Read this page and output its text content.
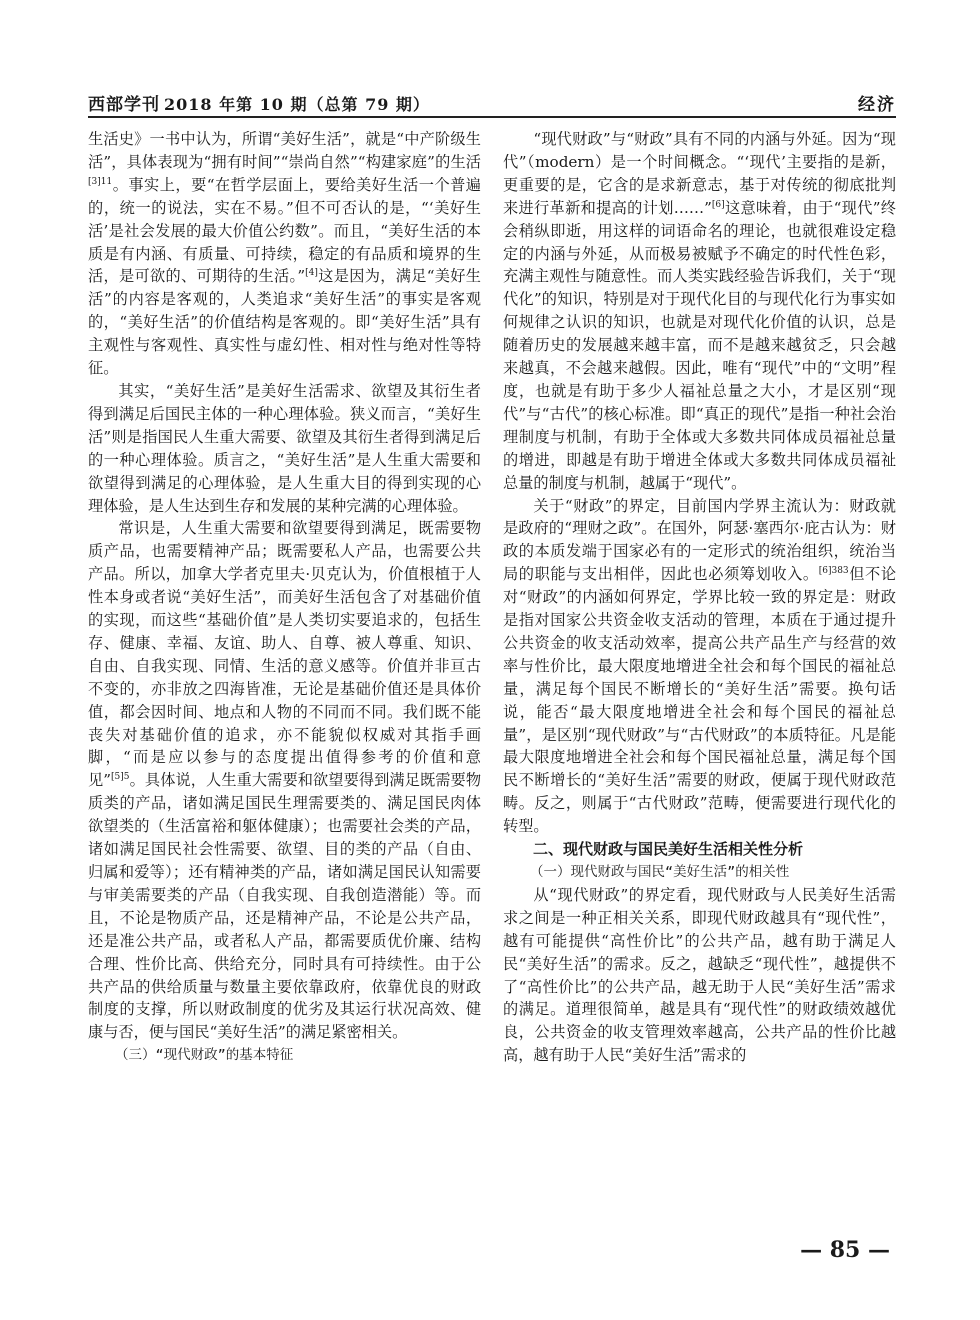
西部学刊 2018 年第 10 期（总第 79 期）	经济

生活史》一书中认为，所谓“美好生活”，就是“中产阶级生活”，具体表现为“拥有时间”“崇尚自然”“构建家庭”的生活$^{[3]11}$。事实上，要“在哲学层面上，要给美好生活一个普遍的，统一的说法，实在不易。”但不可否认的是，“‘美好生活’是社会发展的最大价值公约数”。而且，“美好生活的本质是有内涵、有质量、可持续，稳定的有品质和境界的生活，是可欲的、可期待的生活。”[4]这是因为，满足“美好生活”的内容是客观的，人类追求“美好生活”的事实是客观的，“美好生活”的价值结构是客观的。即“美好生活”具有主观性与客观性、真实性与虚幻性、相对性与绝对性等特征。

其实，“美好生活”是美好生活需求、欲望及其衍生者得到满足后国民主体的一种心理体验。狭义而言，“美好生活”则是指国民人生重大需要、欲望及其衍生者得到满足后的一种心理体验。质言之，“美好生活”是人生重大需要和欲望得到满足的心理体验，是人生重大目的得到实现的心理体验，是人生达到生存和发展的某种完满的心理体验。

常识是，人生重大需要和欲望要得到满足，既需要物质产品，也需要精神产品；既需要私人产品，也需要公共产品。所以，加拿大学者克里夫·贝克认为，价值根植于人性本身或者说“美好生活”，而美好生活包含了对基础价值的实现，而这些“基础价值”是人类切实要追求的，包括生存、健康、幸福、友谊、助人、自尊、被人尊重、知识、自由、自我实现、同情、生活的意义感等。价值并非亘古不变的，亦非放之四海皆准，无论是基础价值还是具体价值，都会因时间、地点和人物的不同而不同。我们既不能丧失对基础价值的追求，亦不能貌似权威对其指手画脚，“而是应以参与的态度提出值得参考的价值和意见”$^{[5]5}$。具体说，人生重大需要和欲望要得到满足既需要物质类的产品，诸如满足国民生理需要类的、满足国民肉体欲望类的（生活富裕和躯体健康）；也需要社会类的产品，诸如满足国民社会性需要、欲望、目的类的产品（自由、归属和爱等）；还有精神类的产品，诸如满足国民认知需要与审美需要类的产品（自我实现、自我创造潜能）等。而且，不论是物质产品，还是精神产品，不论是公共产品，还是准公共产品，或者私人产品，都需要质优价廉、结构合理、性价比高、供给充分，同时具有可持续性。由于公共产品的供给质量与数量主要依靠政府，依靠优良的财政制度的支撑，所以财政制度的优劣及其运行状况高效、健康与否，便与国民“美好生活”的满足紧密相关。

（三）“现代财政”的基本特征

“现代财政”与“财政”具有不同的内涵与外延。因为“现代”（modern）是一个时间概念。“‘现代’主要指的是新，更重要的是，它含的是求新意志，基于对传统的彻底批判来进行革新和提高的计划……”[6]这意味着，由于“现代”终会稍纵即逝，用这样的词语命名的理论，也就很难设定稳定的内涵与外延，从而极易被赋予不确定的时代性色彩，充满主观性与随意性。而人类实践经验告诉我们，关于“现代化”的知识，特别是对于现代化目的与现代化行为事实如何规律之认识的知识，也就是对现代化价值的认识，总是随着历史的发展越来越丰富，而不是越来越贫乏，只会越来越真，不会越来越假。因此，唯有“现代”中的“文明”程度，也就是有助于多少人福祉总量之大小，才是区别“现代”与“古代”的核心标准。即“真正的现代”是指一种社会治理制度与机制，有助于全体或大多数共同体成员福祉总量的增进，即越是有助于增进全体或大多数共同体成员福祉总量的制度与机制，越属于“现代”。

关于“财政”的界定，目前国内学界主流认为：财政就是政府的“理财之政”。在国外，阿瑟·塞西尔·庇古认为：财政的本质发端于国家必有的一定形式的统治组织，统治当局的职能与支出相伴，因此也必须筹划收入。$^{[6]383}$但不论对“财政”的内涵如何界定，学界比较一致的界定是：财政是指对国家公共资金收支活动的管理，本质在于通过提升公共资金的收支活动效率，提高公共产品生产与经营的效率与性价比，最大限度地增进全社会和每个国民的福祉总量，满足每个国民不断增长的“美好生活”需要。换句话说，能否“最大限度地增进全社会和每个国民的福祉总量”，是区别“现代财政”与“古代财政”的本质特征。凡是能最大限度地增进全社会和每个国民福祉总量，满足每个国民不断增长的“美好生活”需要的财政，便属于现代财政范畴。反之，则属于“古代财政”范畴，便需要进行现代化的转型。

二、现代财政与国民美好生活相关性分析

（一）现代财政与国民“美好生活”的相关性

从“现代财政”的界定看，现代财政与人民美好生活需求之间是一种正相关关系，即现代财政越具有“现代性”，越有可能提供“高性价比”的公共产品，越有助于满足人民“美好生活”的需求。反之，越缺乏“现代性”，越提供不了“高性价比”的公共产品，越无助于人民“美好生活”需求的满足。道理很简单，越是具有“现代性”的财政绩效越优良，公共资金的收支管理效率越高，公共产品的性价比越高，越有助于人民“美好生活”需求的

— 85 —
